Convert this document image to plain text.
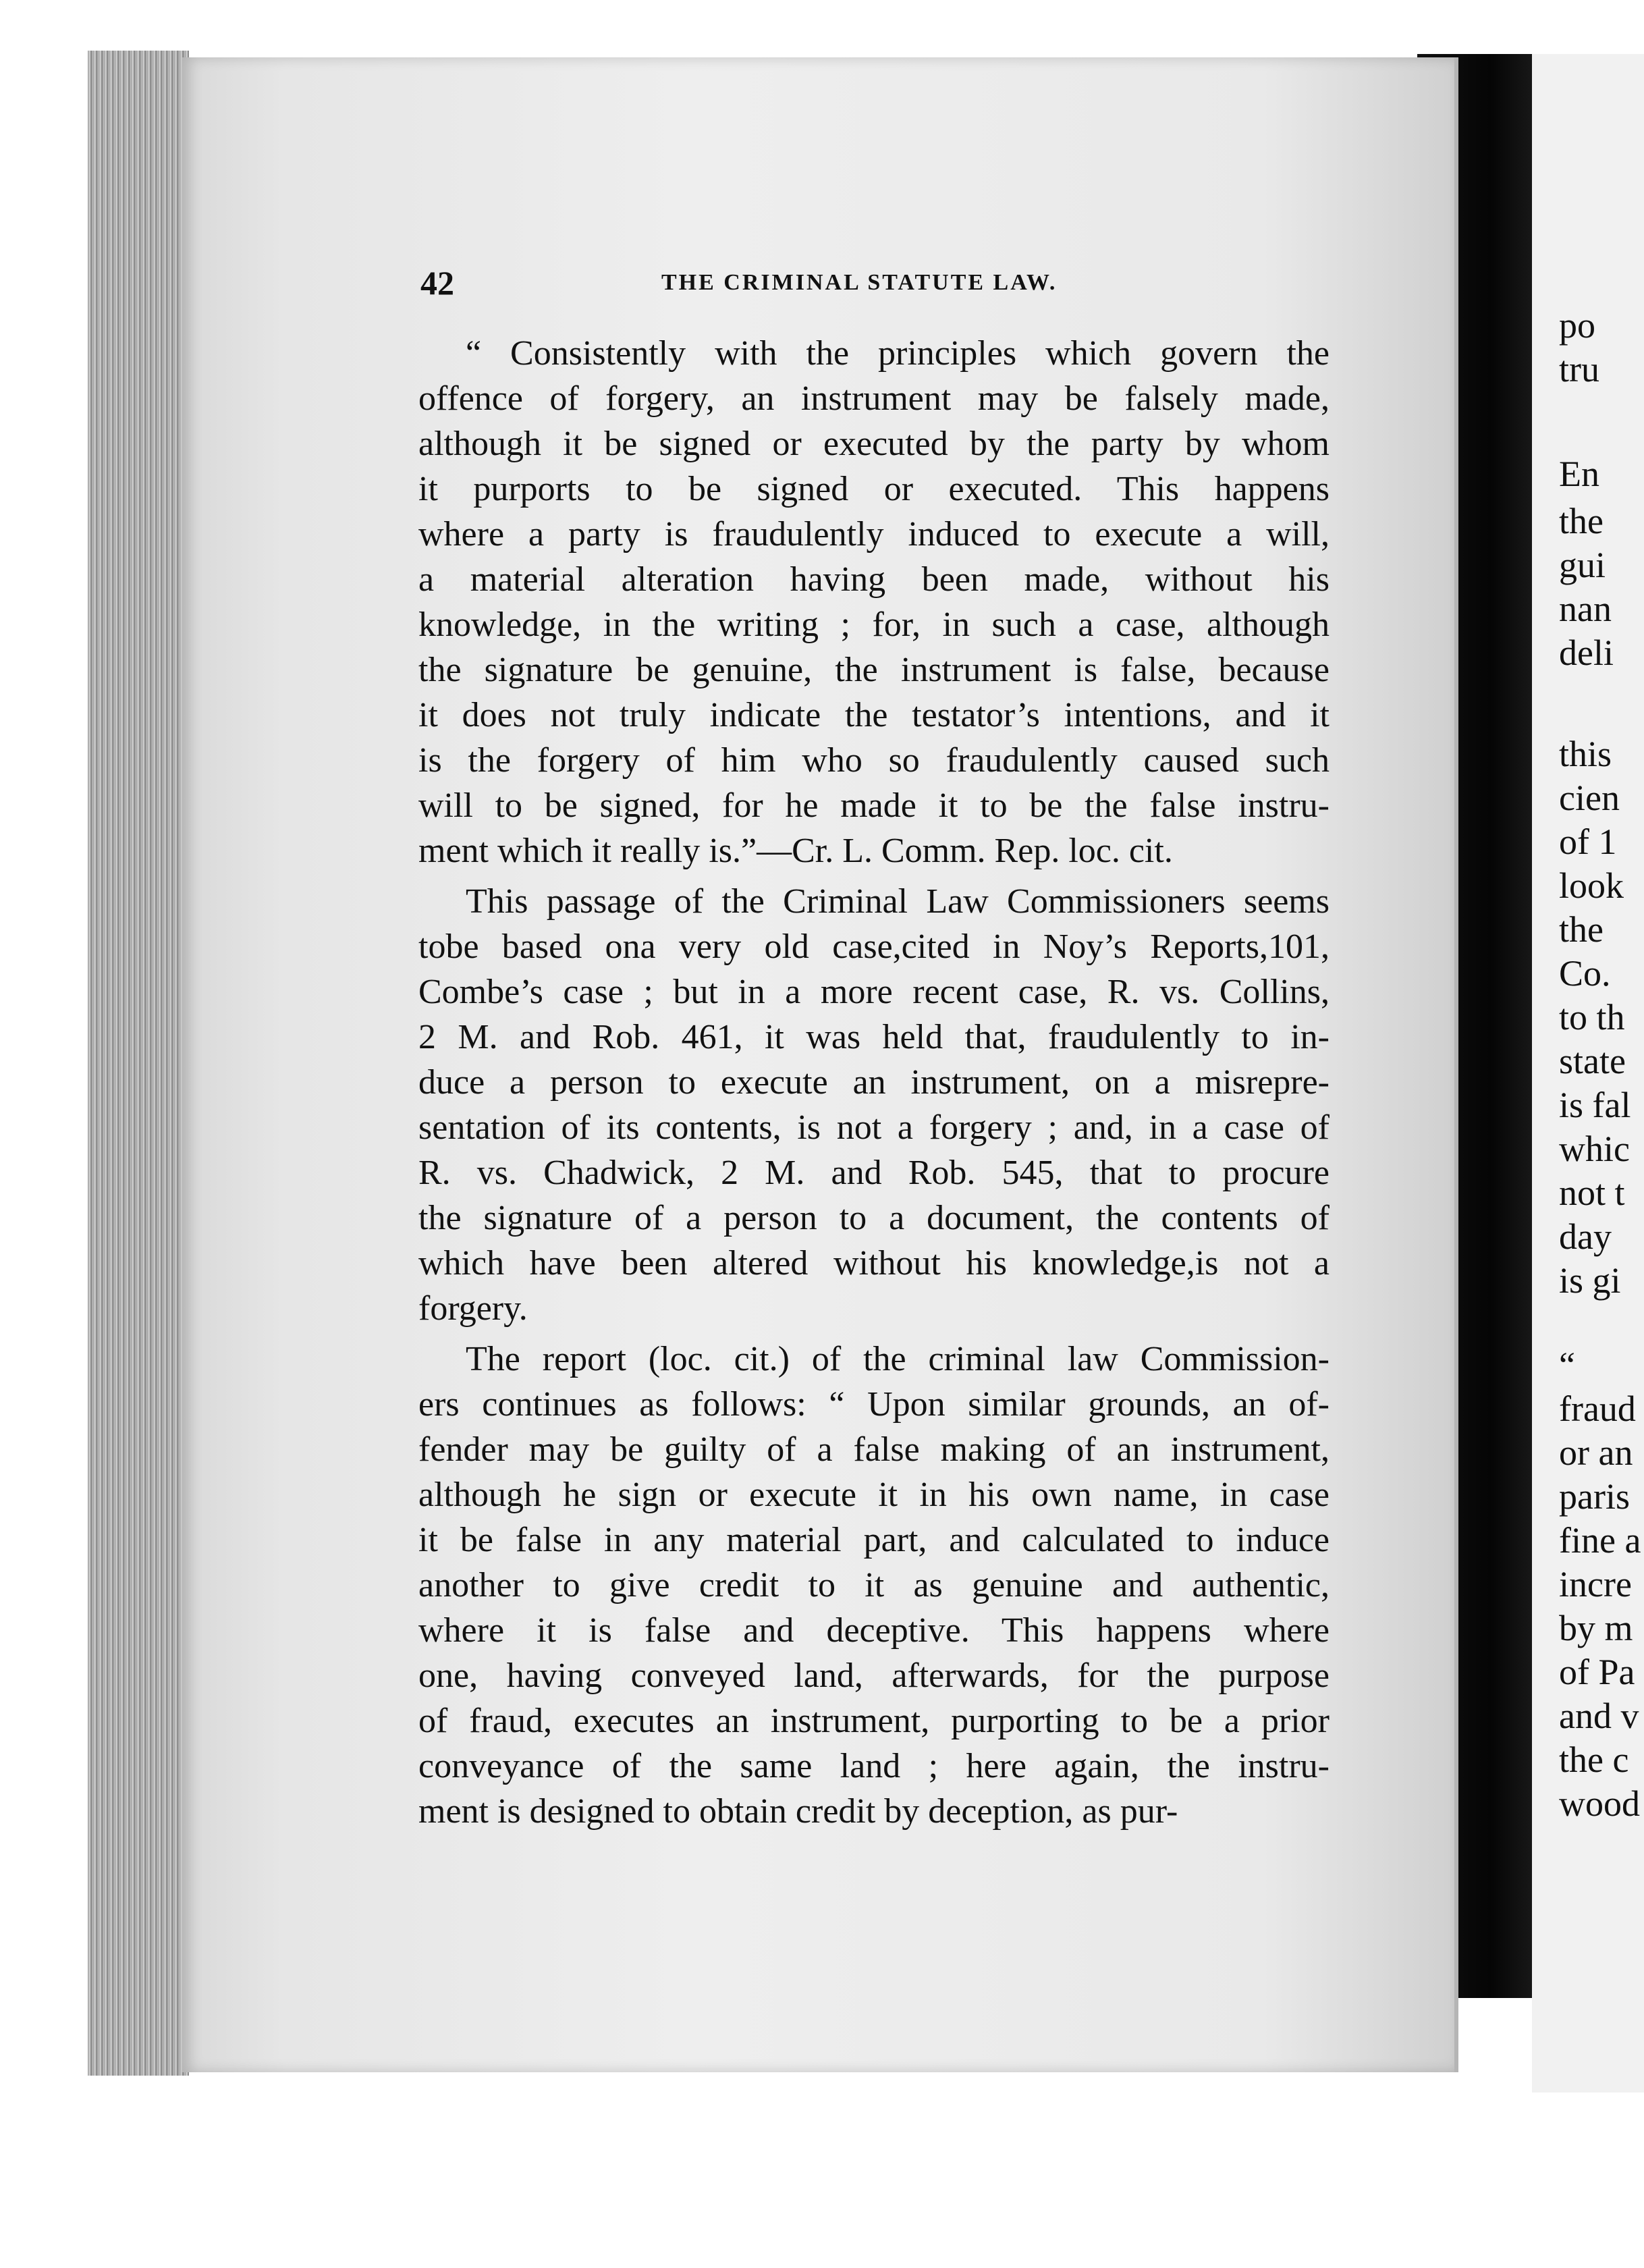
42	THE CRIMINAL STATUTE LAW.
“ Consistently with the principles which govern the
offence of forgery, an instrument may be falsely made,
although it be signed or executed by the party by whom
it purports to be signed or executed. This happens
where a party is fraudulently induced to execute a will,
a material alteration having been made, without his
knowledge, in the writing ; for, in such a case, although
the signature be genuine, the instrument is false, because
it does not truly indicate the testator’s intentions, and it
is the forgery of him who so fraudulently caused such
will to be signed, for he made it to be the false instru-
ment which it really is.”—Cr. L. Comm. Rep. loc. cit.
This passage of the Criminal Law Commissioners seems
tobe based ona very old case,cited in Noy’s Reports,101,
Combe’s case ; but in a more recent case, R. vs. Collins,
2 M. and Rob. 461, it was held that, fraudulently to in-
duce a person to execute an instrument, on a misrepre-
sentation of its contents, is not a forgery ; and, in a case of
R. vs. Chadwick, 2 M. and Rob. 545, that to procure
the signature of a person to a document, the contents of
which have been altered without his knowledge,is not a
forgery.
The report (loc. cit.) of the criminal law Commission-
ers continues as follows: “ Upon similar grounds, an of-
fender may be guilty of a false making of an instrument,
although he sign or execute it in his own name, in case
it be false in any material part, and calculated to induce
another to give credit to it as genuine and authentic,
where it is false and deceptive. This happens where
one, having conveyed land, afterwards, for the purpose
of fraud, executes an instrument, purporting to be a prior
conveyance of the same land ; here again, the instru-
ment is designed to obtain credit by deception, as pur-
po
tru
En
the
gui
nan
deli
this
cien
of 1
look
the
Co.
to th
state
is fal
whic
not t
day
is gi
“
fraud
or an
paris
fine a
incre
by m
of Pa
and v
the c
wood
